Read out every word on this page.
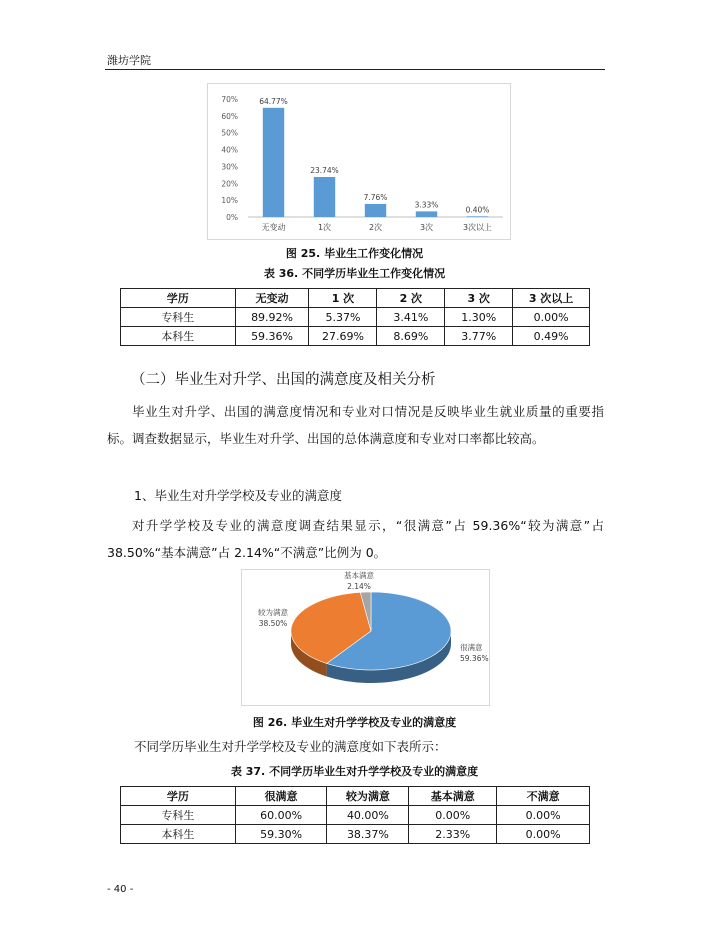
潍坊学院
0%
10%
20%
30%
40%
50%
60%
70%	64.77%
无变动
23.74%
1次
7.76%
2次
3.33%
3次
0.40%
3次以上
图 25. 毕业生工作变化情况
表 36. 不同学历毕业生工作变化情况
学历	无变动	1 次	2 次	3 次	3 次以上
专科生	89.92%	5.37%	3.41%	1.30%	0.00%
本科生	59.36%	27.69%	8.69%	3.77%	0.49%
（二）毕业生对升学、出国的满意度及相关分析
毕业生对升学、出国的满意度情况和专业对口情况是反映毕业生就业质量的重要指标。调查数据显示，毕业生对升学、出国的总体满意度和专业对口率都比较高。
1、毕业生对升学学校及专业的满意度
对升学学校及专业的满意度调查结果显示，“很满意”占 59.36%“较为满意”占 38.50%“基本满意”占 2.14%“不满意”比例为 0。
很满意
59.36%
较为满意
38.50%
基本满意
2.14%
图 26. 毕业生对升学学校及专业的满意度
不同学历毕业生对升学学校及专业的满意度如下表所示：
表 37. 不同学历毕业生对升学学校及专业的满意度
学历	很满意	较为满意	基本满意	不满意
专科生	60.00%	40.00%	0.00%	0.00%
本科生	59.30%	38.37%	2.33%	0.00%
- 40 -
